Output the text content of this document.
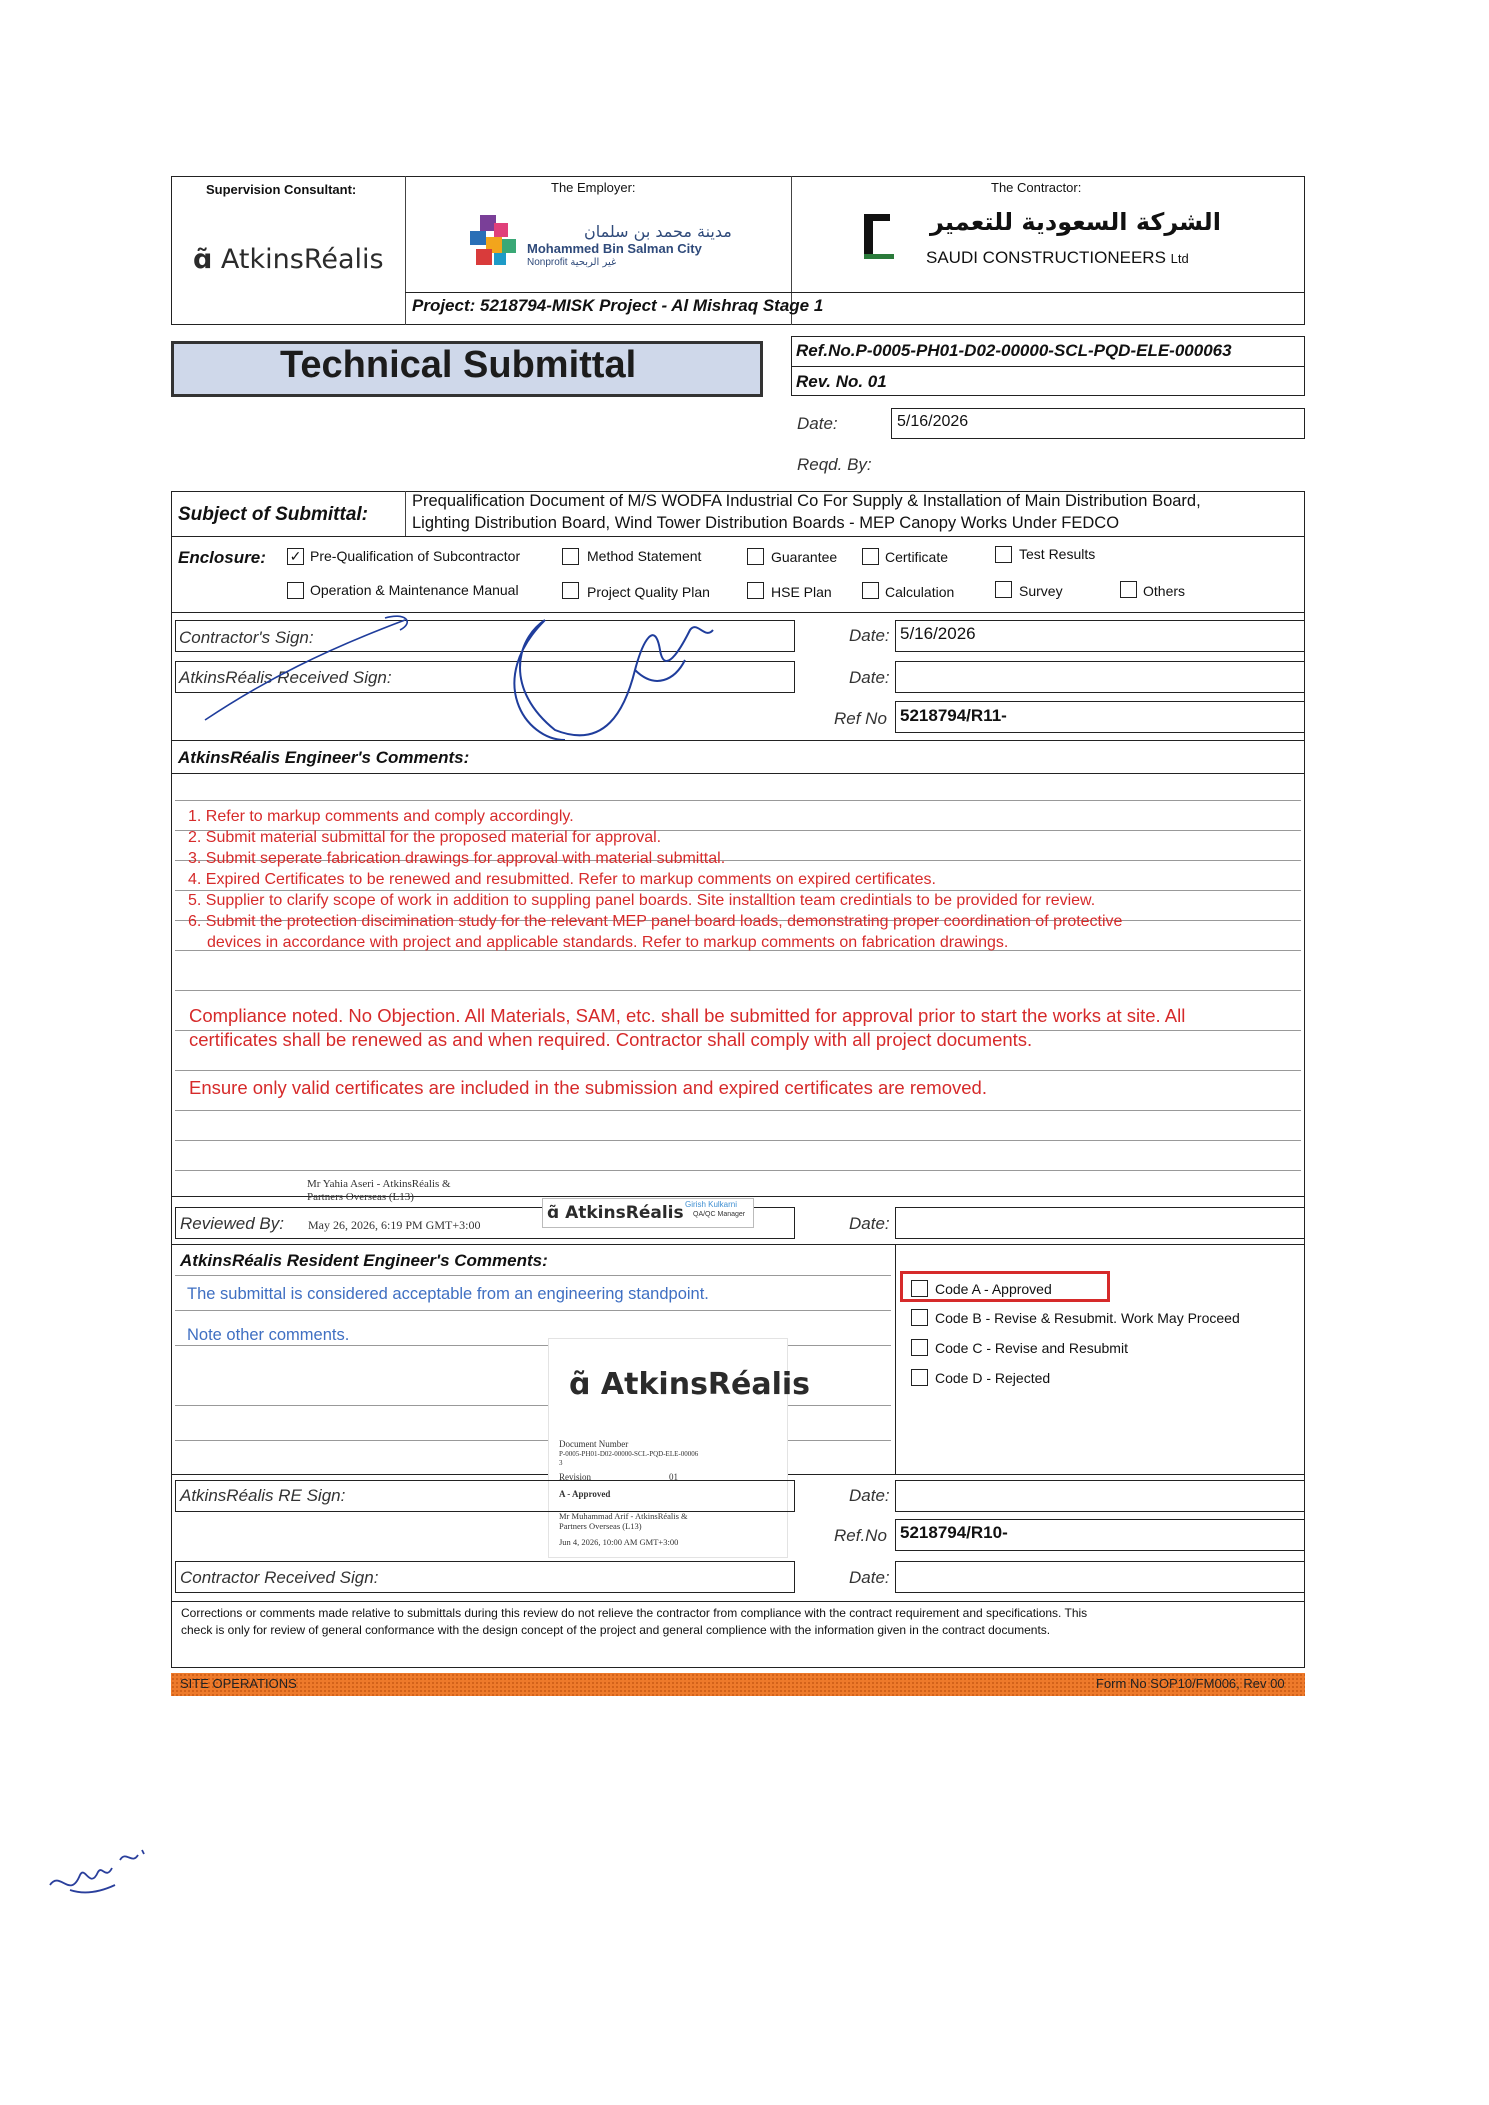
Supervision Consultant:
ɑ̃ AtkinsRéalis
The Employer:
مدينة محمد بن سلمان
Mohammed Bin Salman City
Nonprofit غير الربحية
The Contractor:
الشركة السعودية للتعمير
SAUDI CONSTRUCTIONEERS Ltd
Project: 5218794-MISK Project - Al Mishraq Stage 1
Technical Submittal	Ref.No.P-0005-PH01-D02-00000-SCL-PQD-ELE-000063
Rev. No. 01
Date:	5/16/2026
Reqd. By:
Subject of Submittal:
Prequalification Document of M/S WODFA Industrial Co For Supply & Installation of Main Distribution Board,
Lighting Distribution Board, Wind Tower Distribution Boards - MEP Canopy Works Under FEDCO
Enclosure: ✓ Pre-Qualification of Subcontractor	Method Statement	Guarantee	Certificate	Test Results
Operation & Maintenance Manual	Project Quality Plan	HSE Plan	Calculation	Survey	Others
Contractor's Sign:
AtkinsRéalis Received Sign:
Date: 5/16/2026
Date:
Ref No 5218794/R11-
AtkinsRéalis Engineer's Comments:
1. Refer to markup comments and comply accordingly.
2. Submit material submittal for the proposed material for approval.
3. Submit seperate fabrication drawings for approval with material submittal.
4. Expired Certificates to be renewed and resubmitted. Refer to markup comments on expired certificates.
5. Supplier to clarify scope of work in addition to suppling panel boards. Site installtion team credintials to be provided for review.
6. Submit the protection discimination study for the relevant MEP panel board loads, demonstrating proper coordination of protective
devices in accordance with project and applicable standards. Refer to markup comments on fabrication drawings.
Compliance noted. No Objection. All Materials, SAM, etc. shall be submitted for approval prior to start the works at site. All
certificates shall be renewed as and when required. Contractor shall comply with all project documents.
Ensure only valid certificates are included in the submission and expired certificates are removed.
Mr Yahia Aseri - AtkinsRéalis &
Partners Overseas (L13)
Reviewed By: May 26, 2026, 6:19 PM GMT+3:00
ɑ̃ AtkinsRéalis Girish Kulkarni
QA/QC Manager	Date:
AtkinsRéalis Resident Engineer's Comments:
The submittal is considered acceptable from an engineering standpoint.
Note other comments.
Code A - Approved
Code B - Revise & Resubmit. Work May Proceed
Code C - Revise and Resubmit
Code D - Rejected
ɑ̃ AtkinsRéalis
Document Number
P-0005-PH01-D02-00000-SCL-PQD-ELE-00006
3
Revision	01
A - Approved
Mr Muhammad Arif - AtkinsRéalis &
Partners Overseas (L13)
Jun 4, 2026, 10:00 AM GMT+3:00
AtkinsRéalis RE Sign:	Date:
Ref.No 5218794/R10-
Contractor Received Sign:	Date:
Corrections or comments made relative to submittals during this review do not relieve the contractor from compliance with the contract requirement and specifications. This
check is only for review of general conformance with the design concept of the project and general complience with the information given in the contract documents.
SITE OPERATIONS	Form No SOP10/FM006, Rev 00
